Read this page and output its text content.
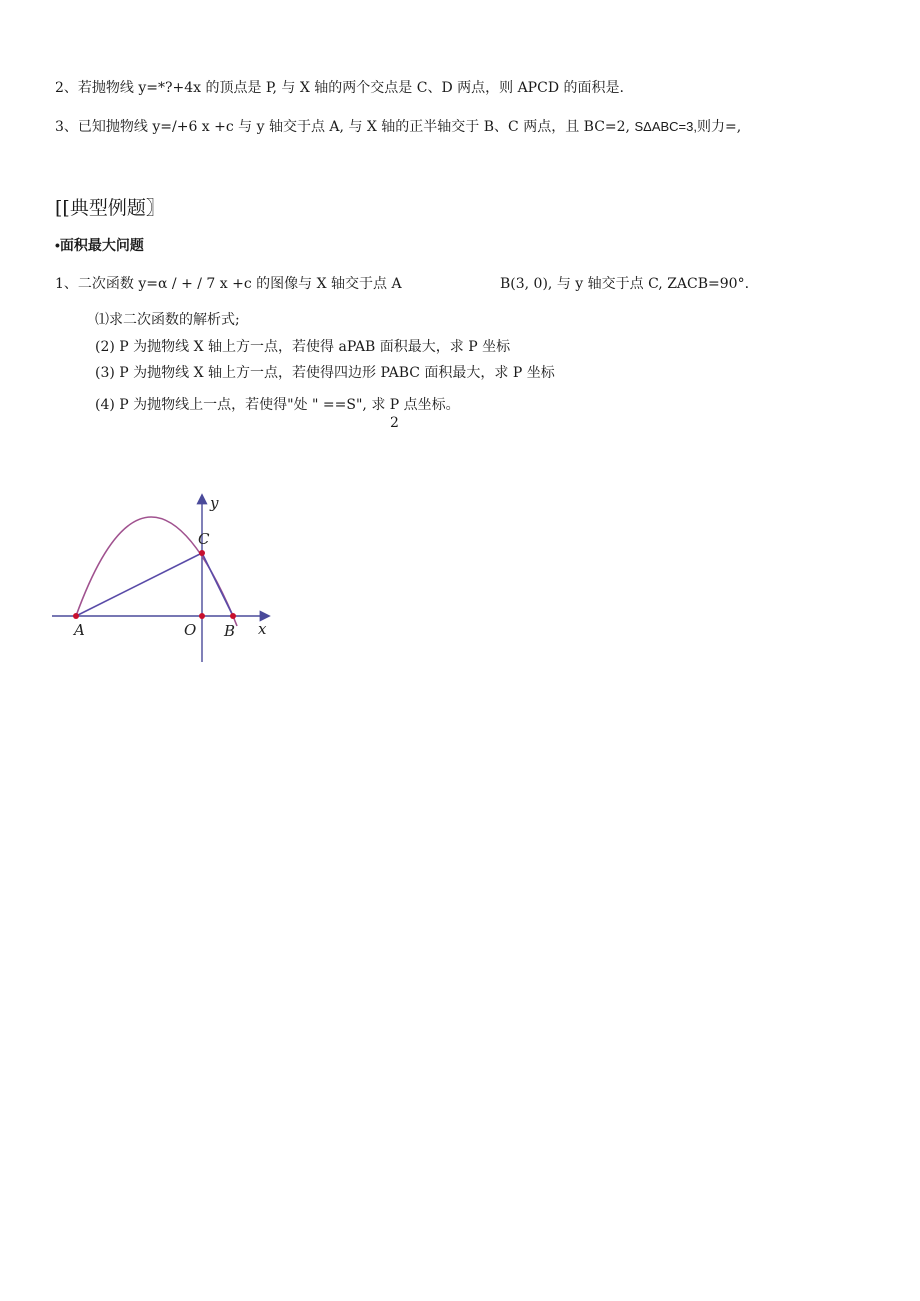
2、若抛物线 y=*?+4x 的顶点是 P, 与 X 轴的两个交点是 C、D 两点，则 APCD 的面积是.
3、已知抛物线 y=/+6 x +c 与 y 轴交于点 A, 与 X 轴的正半轴交于 B、C 两点，且 BC=2, SΔABC=3,则力=,
[[典型例题〗
•面积最大问题
1、二次函数 y=α / + / 7 x +c 的图像与 X 轴交于点 A	B(3, 0), 与 y 轴交于点 C, ZACB=90°.
⑴求二次函数的解析式;
(2) P 为抛物线 X 轴上方一点，若使得 aPAB 面积最大，求 P 坐标
(3) P 为抛物线 X 轴上方一点，若使得四边形 PABC 面积最大，求 P 坐标
(4) P 为抛物线上一点，若使得"处 " ==S", 求 P 点坐标。
2
y
x
C
A	O B
